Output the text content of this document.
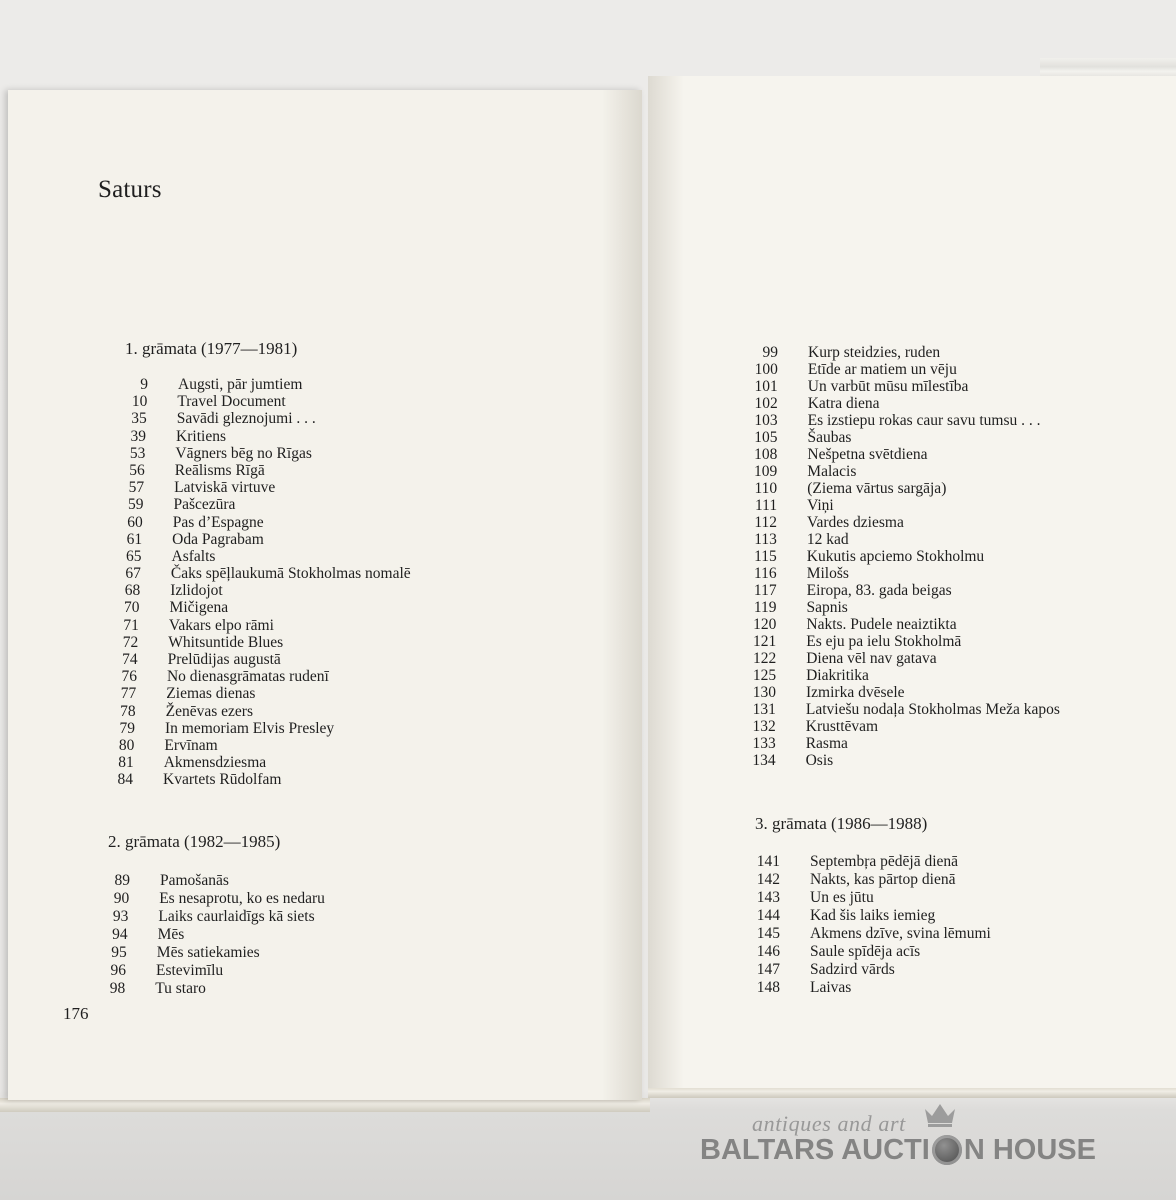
Saturs
1. grāmata (1977—1981)
9 Augsti, pār jumtiem
10 Travel Document
35 Savādi gleznojumi . . .
39 Kritiens
53 Vāgners bēg no Rīgas
56 Reālisms Rīgā
57 Latviskā virtuve
59 Pašcezūra
60 Pas d’Espagne
61 Oda Pagrabam
65 Asfalts
67 Čaks spēļlaukumā Stokholmas nomalē
68 Izlidojot
70 Mičigena
71 Vakars elpo rāmi
72 Whitsuntide Blues
74 Prelūdijas augustā
76 No dienasgrāmatas rudenī
77 Ziemas dienas
78 Ženēvas ezers
79 In memoriam Elvis Presley
80 Ervīnam
81 Akmensdziesma
84 Kvartets Rūdolfam
2. grāmata (1982—1985)
89 Pamošanās
90 Es nesaprotu, ko es nedaru
93 Laiks caurlaidīgs kā siets
94 Mēs
95 Mēs satiekamies
96 Estevimīlu
98 Tu staro
176
99 Kurp steidzies, ruden
100 Etīde ar matiem un vēju
101 Un varbūt mūsu mīlestība
102 Katra diena
103 Es izstiepu rokas caur savu tumsu . . .
105 Šaubas
108 Nešpetna svētdiena
109 Malacis
110 (Ziema vārtus sargāja)
111 Viņi
112 Vardes dziesma
113 12 kad
115 Kukutis apciemo Stokholmu
116 Milošs
117 Eiropa, 83. gada beigas
119 Sapnis
120 Nakts. Pudele neaiztikta
121 Es eju pa ielu Stokholmā
122 Diena vēl nav gatava
125 Diakritika
130 Izmirka dvēsele
131 Latviešu nodaļa Stokholmas Meža kapos
132 Krusttēvam
133 Rasma
134 Osis
3. grāmata (1986—1988)
141 Septembŗa pēdējā dienā
142 Nakts, kas pārtop dienā
143 Un es jūtu
144 Kad šis laiks iemieg
145 Akmens dzīve, svina lēmumi
146 Saule spīdēja acīs
147 Sadzird vārds
148 Laivas
antiques and art
BALTARS AUCTI N HOUSE
